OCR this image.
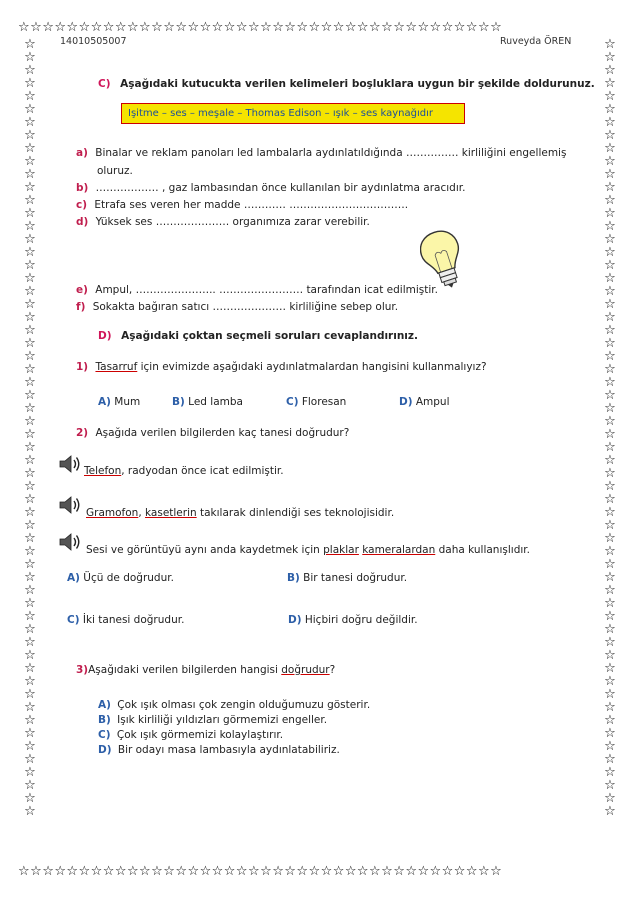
☆☆☆☆☆☆☆☆☆☆☆☆☆☆☆☆☆☆☆☆☆☆☆☆☆☆☆☆☆☆☆☆☆☆☆☆☆☆☆☆
☆☆☆☆☆☆☆☆☆☆☆☆☆☆☆☆☆☆☆☆☆☆☆☆☆☆☆☆☆☆☆☆☆☆☆☆☆☆☆☆
☆
☆
☆
☆
☆
☆
☆
☆
☆
☆
☆
☆
☆
☆
☆
☆
☆
☆
☆
☆
☆
☆
☆
☆
☆
☆
☆
☆
☆
☆
☆
☆
☆
☆
☆
☆
☆
☆
☆
☆
☆
☆
☆
☆
☆
☆
☆
☆
☆
☆
☆
☆
☆
☆
☆
☆
☆
☆
☆
☆
☆
☆
☆
☆
☆
☆
☆
☆
☆
☆
☆
☆
☆
☆
☆
☆
☆
☆
☆
☆
☆
☆
☆
☆
☆
☆
☆
☆
☆
☆
☆
☆
☆
☆
☆
☆
☆
☆
☆
☆
☆
☆
☆
☆
☆
☆
☆
☆
☆
☆
☆
☆
☆
☆
☆
☆
☆
☆
☆
☆
14010505007	Ruveyda ÖREN
C) Aşağıdaki kutucukta verilen kelimeleri boşluklara uygun bir şekilde doldurunuz.
Işitme – ses – meşale – Thomas Edison – ışık – ses kaynağıdır
a) Binalar ve reklam panoları led lambalarla aydınlatıldığında …………… kirliliğini engellemiş
oluruz.
b) ……………… , gaz lambasından önce kullanılan bir aydınlatma aracıdır.
c) Etrafa ses veren her madde ………… …………………………….
d) Yüksek ses ………………… organımıza zarar verebilir.
e) Ampul, ………………….. …………………… tarafından icat edilmiştir.
f) Sokakta bağıran satıcı ………………… kirliliğine sebep olur.
D) Aşağıdaki çoktan seçmeli soruları cevaplandırınız.
1) Tasarruf için evimizde aşağıdaki aydınlatmalardan hangisini kullanmalıyız?
A) Mum	B) Led lamba	C) Floresan	D) Ampul
2) Aşağıda verilen bilgilerden kaç tanesi doğrudur?
Telefon, radyodan önce icat edilmiştir.
Gramofon, kasetlerin takılarak dinlendiği ses teknolojisidir.
Sesi ve görüntüyü aynı anda kaydetmek için plaklar kameralardan daha kullanışlıdır.
A) Üçü de doğrudur.	B) Bir tanesi doğrudur.
C) İki tanesi doğrudur.	D) Hiçbiri doğru değildir.
3)Aşağıdaki verilen bilgilerden hangisi doğrudur?
A) Çok ışık olması çok zengin olduğumuzu gösterir.
B) Işık kirliliği yıldızları görmemizi engeller.
C) Çok ışık görmemizi kolaylaştırır.
D) Bir odayı masa lambasıyla aydınlatabiliriz.
